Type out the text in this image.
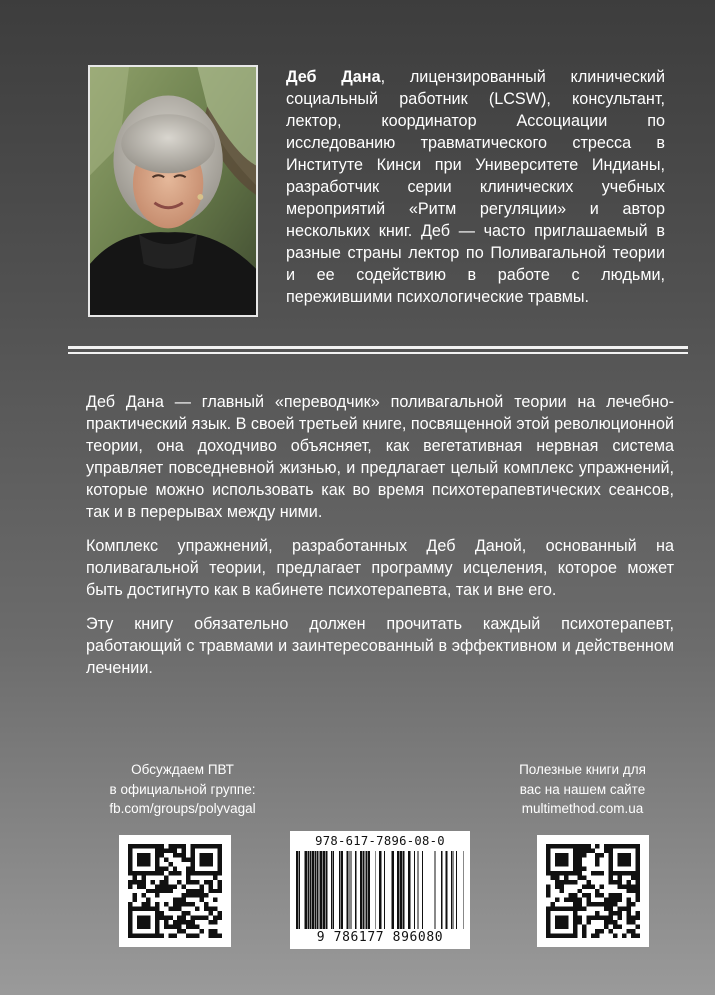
Деб Дана, лицензированный клинический социальный работник (LCSW), консультант, лектор, координатор Ассоциации по исследованию травматического стресса в Институте Кинси при Университете Индианы, разработчик серии клинических учебных мероприятий «Ритм регуляции» и автор нескольких книг. Деб — часто приглашаемый в разные страны лектор по Поливагальной теории и ее содействию в работе с людьми, пережившими психологические травмы.

Деб Дана — главный «переводчик» поливагальной теории на лечебно-практический язык. В своей третьей книге, посвященной этой революционной теории, она доходчиво объясняет, как вегетативная нервная система управляет повседневной жизнью, и предлагает целый комплекс упражнений, которые можно использовать как во время психотерапевтических сеансов, так и в перерывах между ними.

Комплекс упражнений, разработанных Деб Даной, основанный на поливагальной теории, предлагает программу исцеления, которое может быть достигнуто как в кабинете психотерапевта, так и вне его.

Эту книгу обязательно должен прочитать каждый психотерапевт, работающий с травмами и заинтересованный в эффективном и действенном лечении.

Обсуждаем ПВТ
в официальной группе:
fb.com/groups/polyvagal
Полезные книги для
вас на нашем сайте
multimethod.com.ua
978-617-7896-08-0
9 786177 896080
